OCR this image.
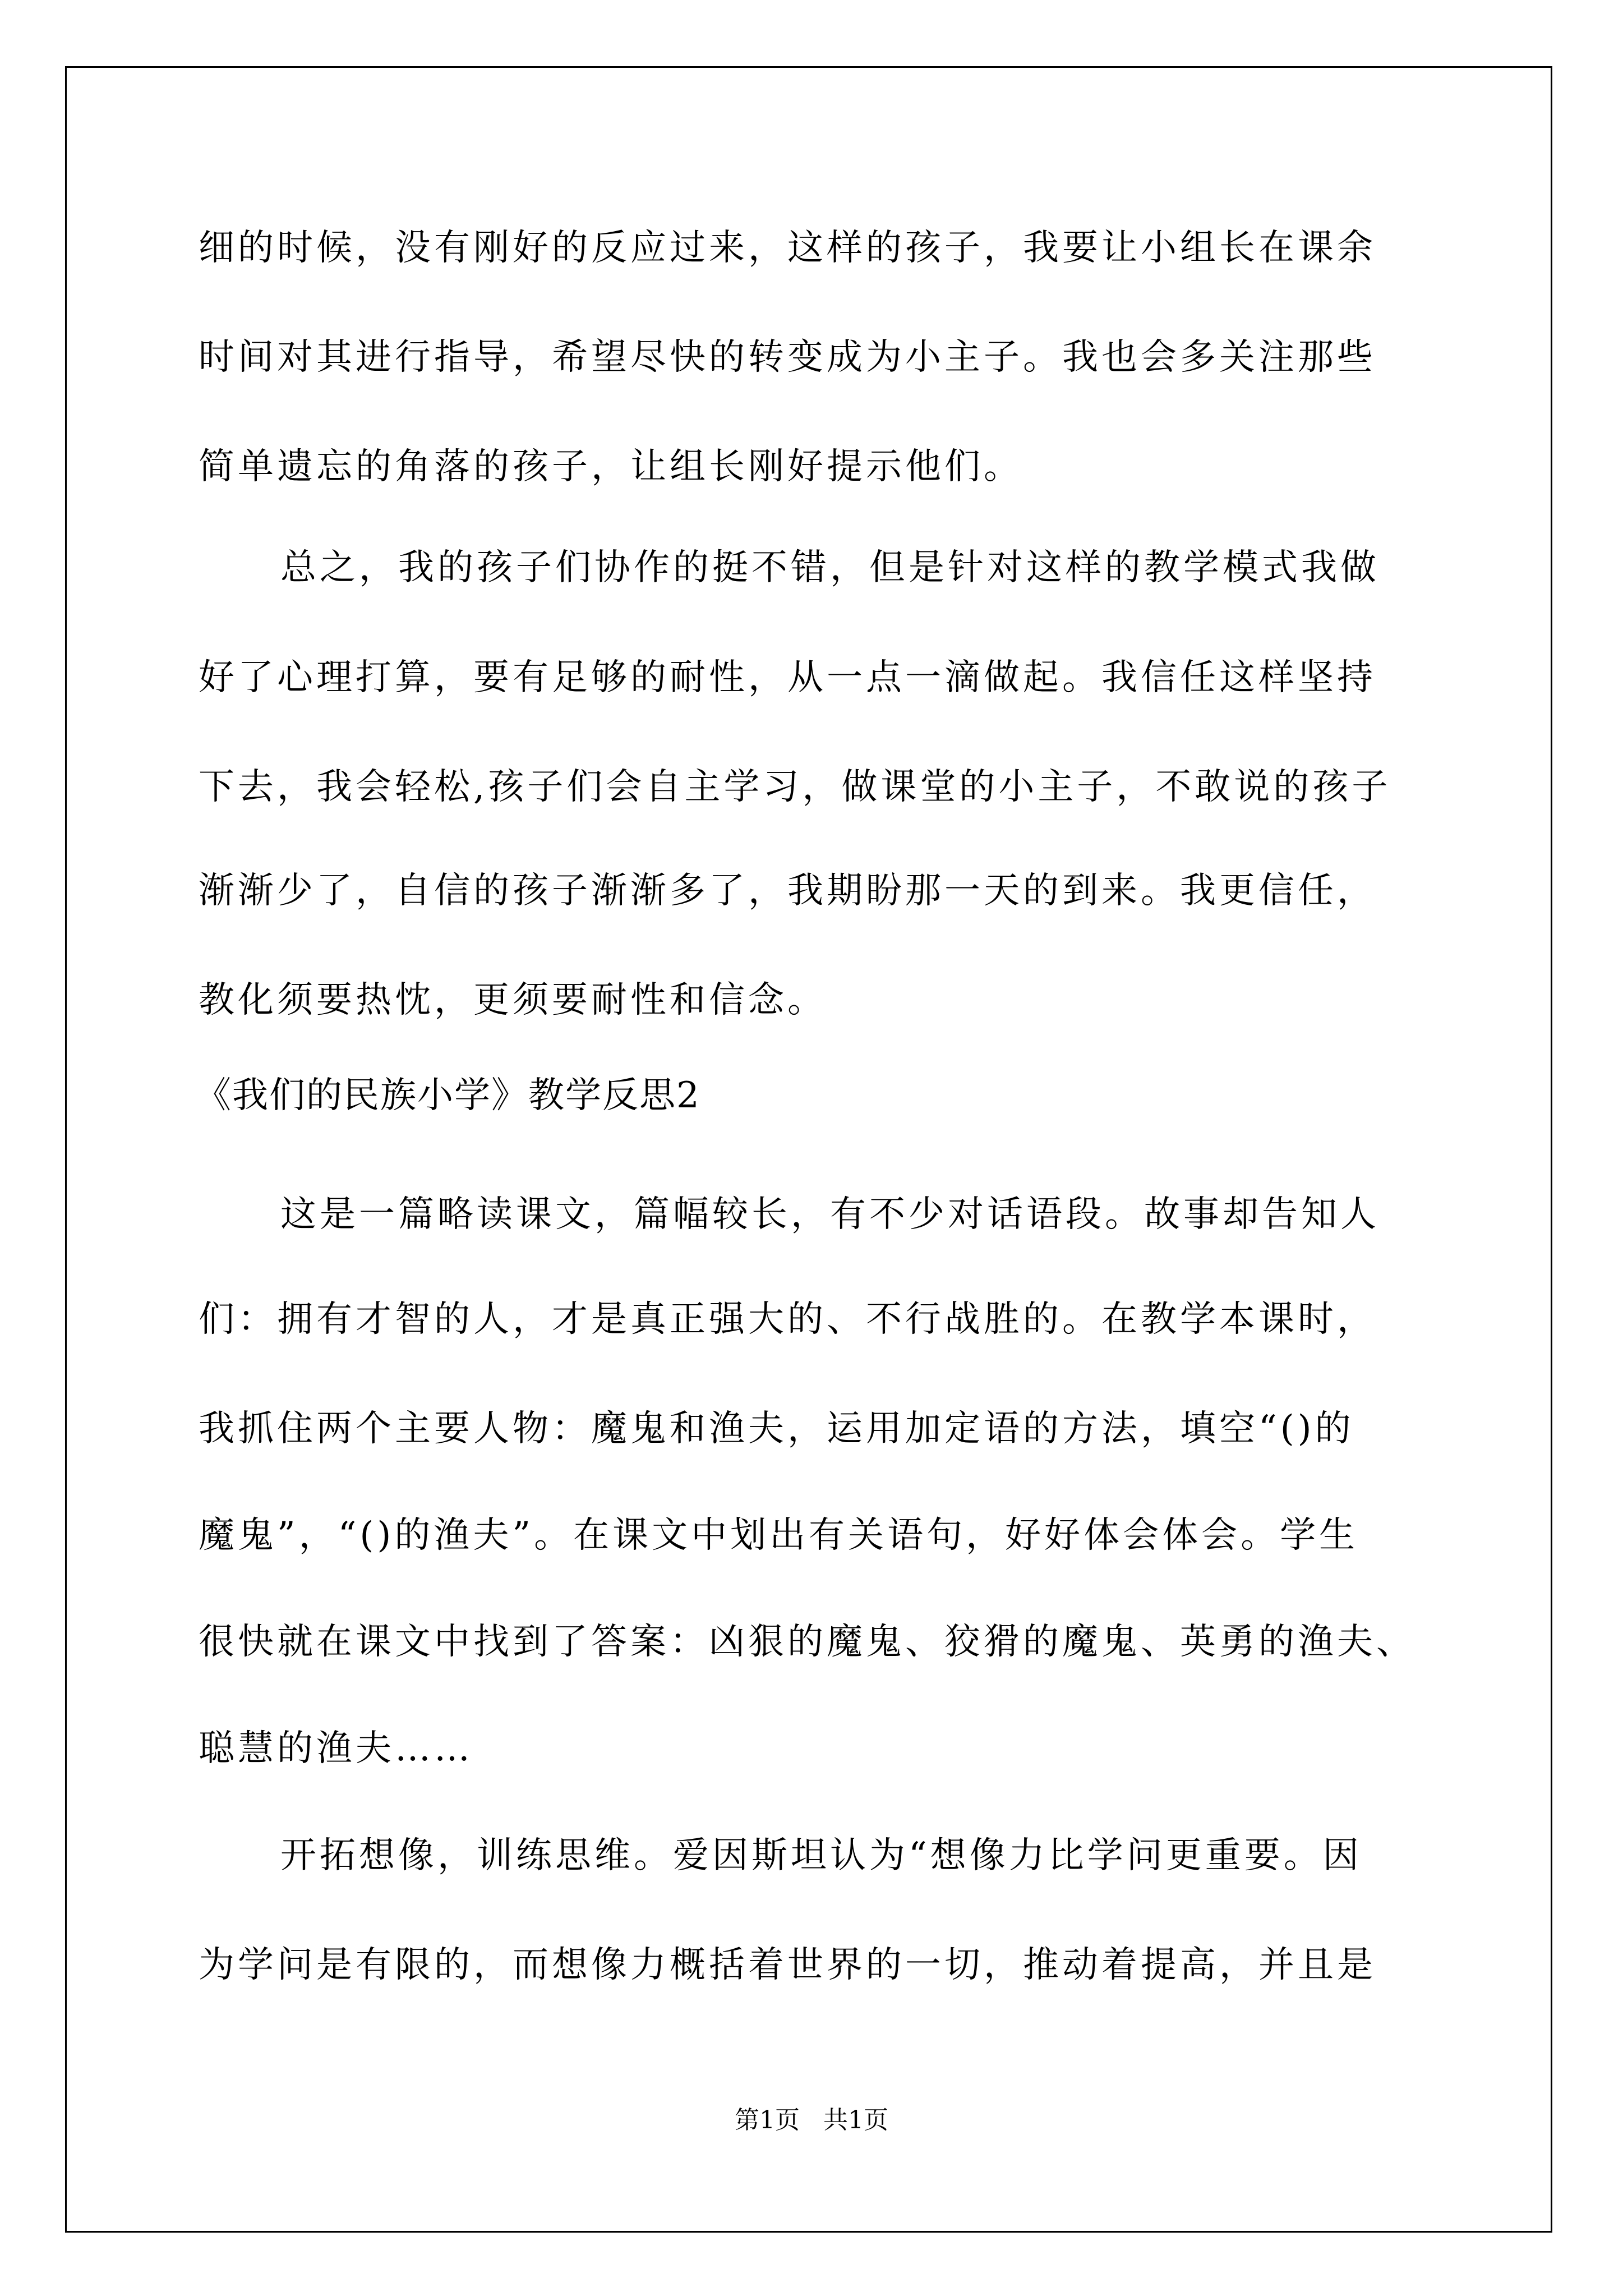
细的时候，没有刚好的反应过来，这样的孩子，我要让小组长在课余
时间对其进行指导，希望尽快的转变成为小主子。我也会多关注那些
简单遗忘的角落的孩子，让组长刚好提示他们。
总之，我的孩子们协作的挺不错，但是针对这样的教学模式我做
好了心理打算，要有足够的耐性，从一点一滴做起。我信任这样坚持
下去，我会轻松,孩子们会自主学习，做课堂的小主子，不敢说的孩子
渐渐少了，自信的孩子渐渐多了，我期盼那一天的到来。我更信任，
教化须要热忱，更须要耐性和信念。
《我们的民族小学》教学反思2
这是一篇略读课文，篇幅较长，有不少对话语段。故事却告知人
们：拥有才智的人，才是真正强大的、不行战胜的。在教学本课时，
我抓住两个主要人物：魔鬼和渔夫，运用加定语的方法，填空“()的
魔鬼”，“()的渔夫”。在课文中划出有关语句，好好体会体会。学生
很快就在课文中找到了答案：凶狠的魔鬼、狡猾的魔鬼、英勇的渔夫、
聪慧的渔夫……
开拓想像，训练思维。爱因斯坦认为“想像力比学问更重要。因
为学问是有限的，而想像力概括着世界的一切，推动着提高，并且是
第1页   共1页
